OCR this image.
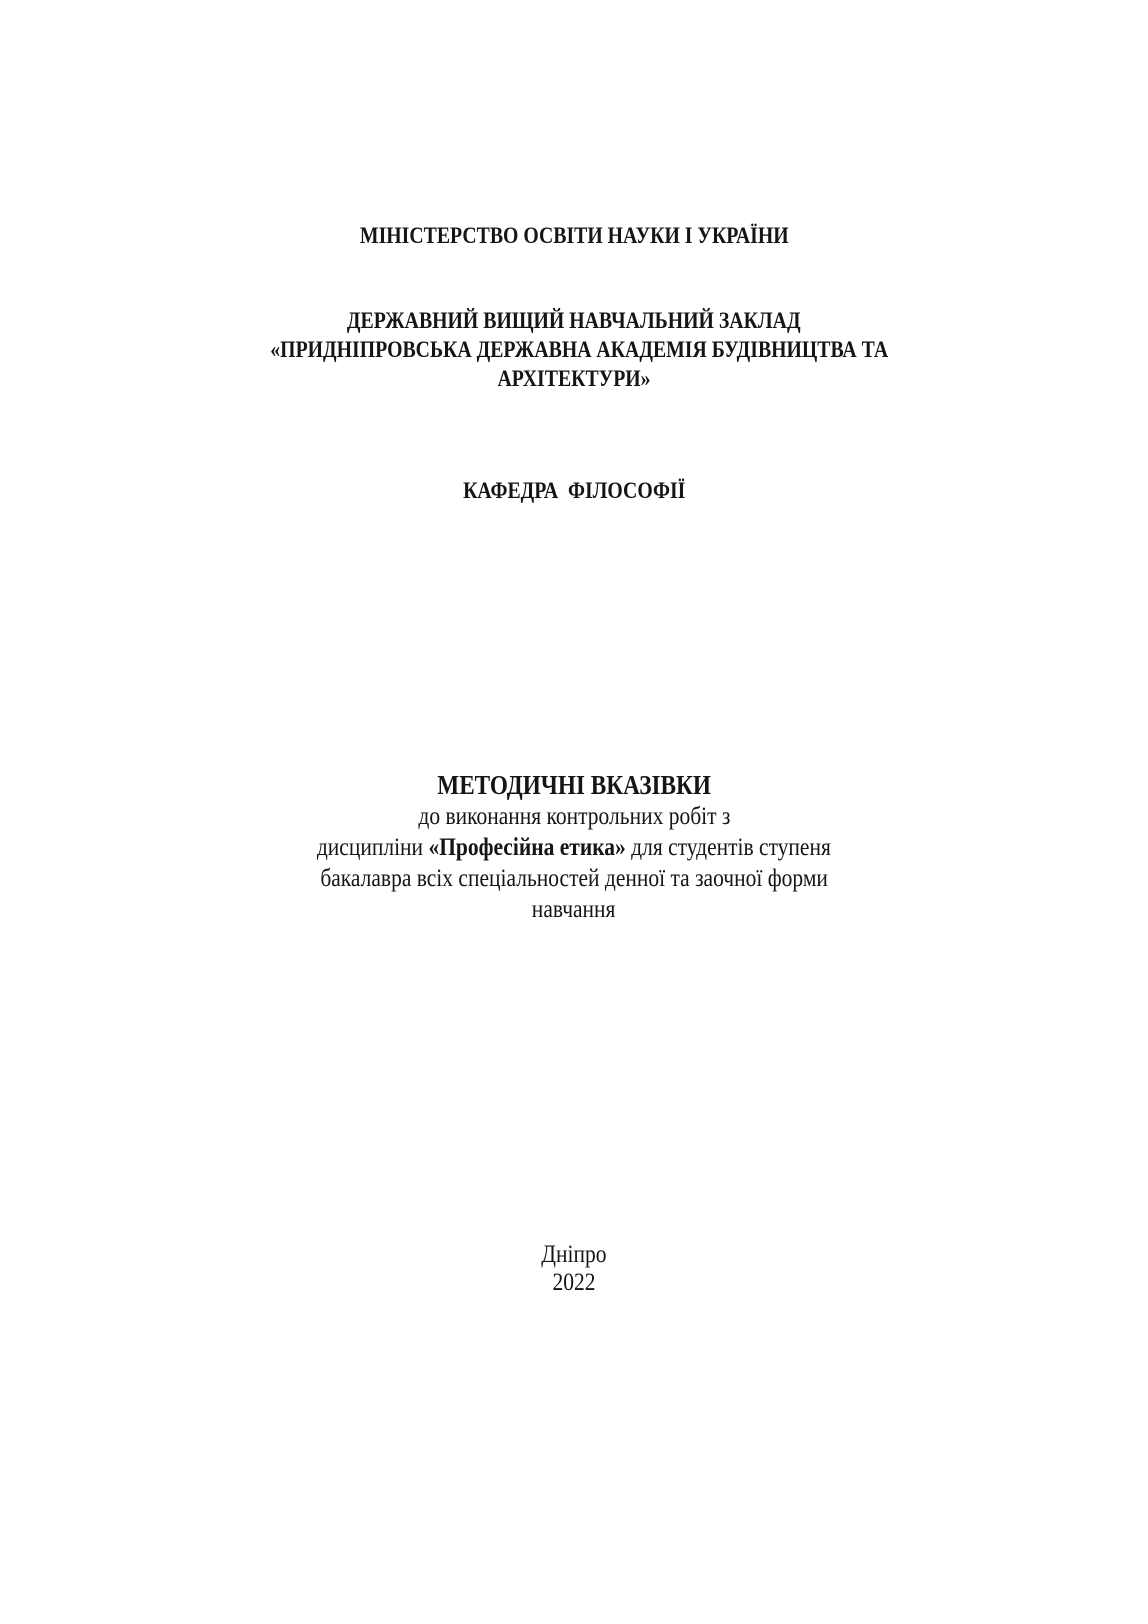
МІНІСТЕРСТВО ОСВІТИ НАУКИ І УКРАЇНИ
ДЕРЖАВНИЙ ВИЩИЙ НАВЧАЛЬНИЙ ЗАКЛАД
«ПРИДНІПРОВСЬКА ДЕРЖАВНА АКАДЕМІЯ БУДІВНИЦТВА ТА
АРХІТЕКТУРИ»
КАФЕДРА  ФІЛОСОФІЇ
МЕТОДИЧНІ ВКАЗІВКИ
до виконання контрольних робіт з
дисципліни «Професійна етика» для студентів ступеня
бакалавра всіх спеціальностей денної та заочної форми
навчання
Дніпро
2022
